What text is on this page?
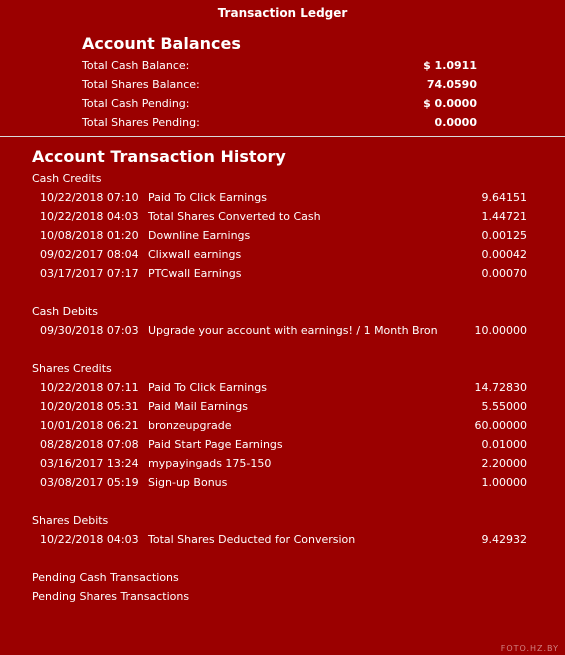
Transaction Ledger
Account Balances
Total Cash Balance:	$ 1.0911
Total Shares Balance:	74.0590
Total Cash Pending:	$ 0.0000
Total Shares Pending:	0.0000
Account Transaction History
Cash Credits
10/22/2018 07:10 Paid To Click Earnings	9.64151
10/22/2018 04:03 Total Shares Converted to Cash	1.44721
10/08/2018 01:20 Downline Earnings	0.00125
09/02/2017 08:04 Clixwall earnings	0.00042
03/17/2017 07:17 PTCwall Earnings	0.00070
Cash Debits
09/30/2018 07:03 Upgrade your account with earnings! / 1 Month Bron	10.00000
Shares Credits
10/22/2018 07:11 Paid To Click Earnings	14.72830
10/20/2018 05:31 Paid Mail Earnings	5.55000
10/01/2018 06:21 bronzeupgrade	60.00000
08/28/2018 07:08 Paid Start Page Earnings	0.01000
03/16/2017 13:24 mypayingads 175-150	2.20000
03/08/2017 05:19 Sign-up Bonus	1.00000
Shares Debits
10/22/2018 04:03 Total Shares Deducted for Conversion	9.42932
Pending Cash Transactions
Pending Shares Transactions
FOTO.HZ.BY
